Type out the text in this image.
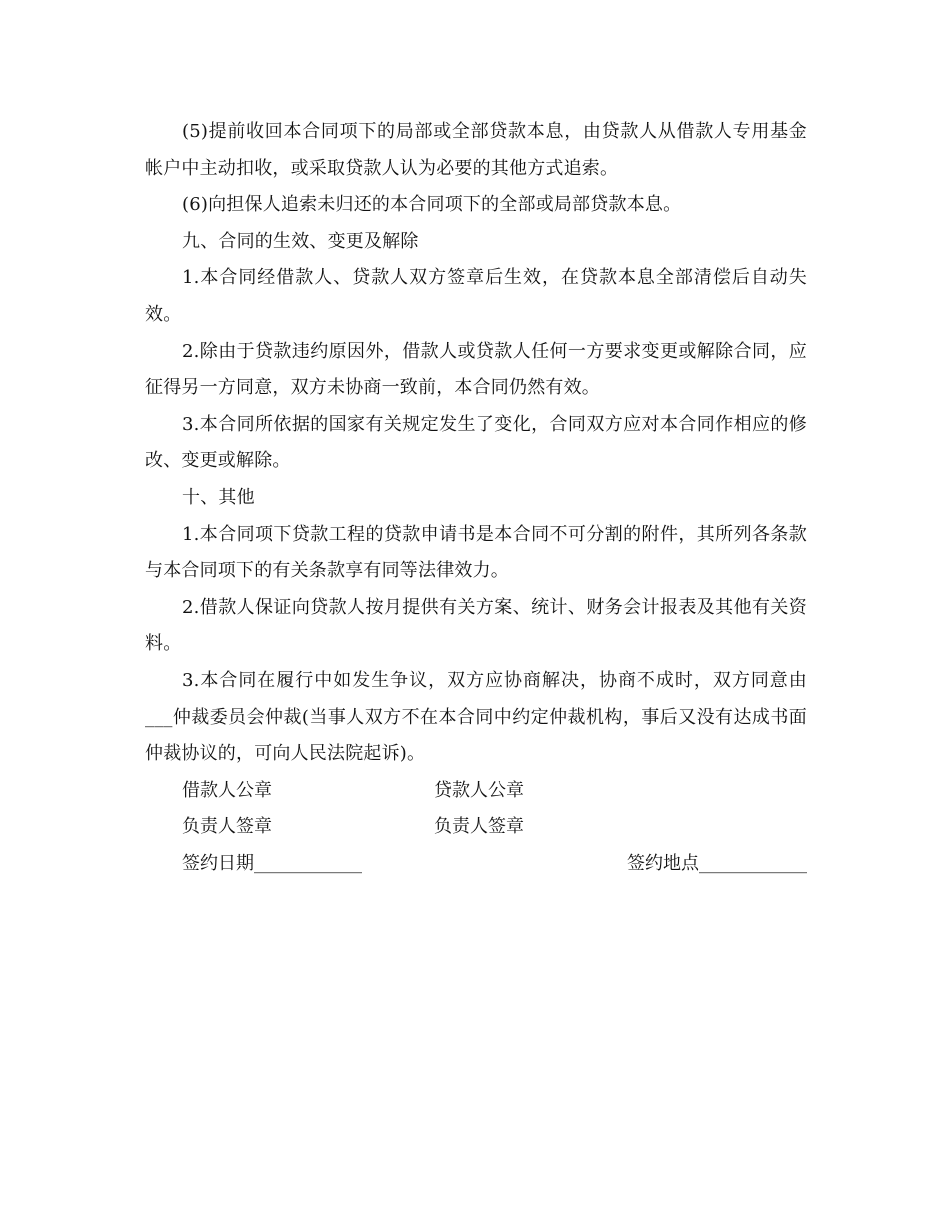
(5)提前收回本合同项下的局部或全部贷款本息，由贷款人从借款人专用基金帐户中主动扣收，或采取贷款人认为必要的其他方式追索。

(6)向担保人追索未归还的本合同项下的全部或局部贷款本息。

九、合同的生效、变更及解除

1.本合同经借款人、贷款人双方签章后生效，在贷款本息全部清偿后自动失效。

2.除由于贷款违约原因外，借款人或贷款人任何一方要求变更或解除合同，应征得另一方同意，双方未协商一致前，本合同仍然有效。

3.本合同所依据的国家有关规定发生了变化，合同双方应对本合同作相应的修改、变更或解除。

十、其他

1.本合同项下贷款工程的贷款申请书是本合同不可分割的附件，其所列各条款与本合同项下的有关条款享有同等法律效力。

2.借款人保证向贷款人按月提供有关方案、统计、财务会计报表及其他有关资料。

3.本合同在履行中如发生争议，双方应协商解决，协商不成时，双方同意由___仲裁委员会仲裁(当事人双方不在本合同中约定仲裁机构，事后又没有达成书面仲裁协议的，可向人民法院起诉)。

借款人公章	贷款人公章
负责人签章	负责人签章
签约日期____________	签约地点____________
